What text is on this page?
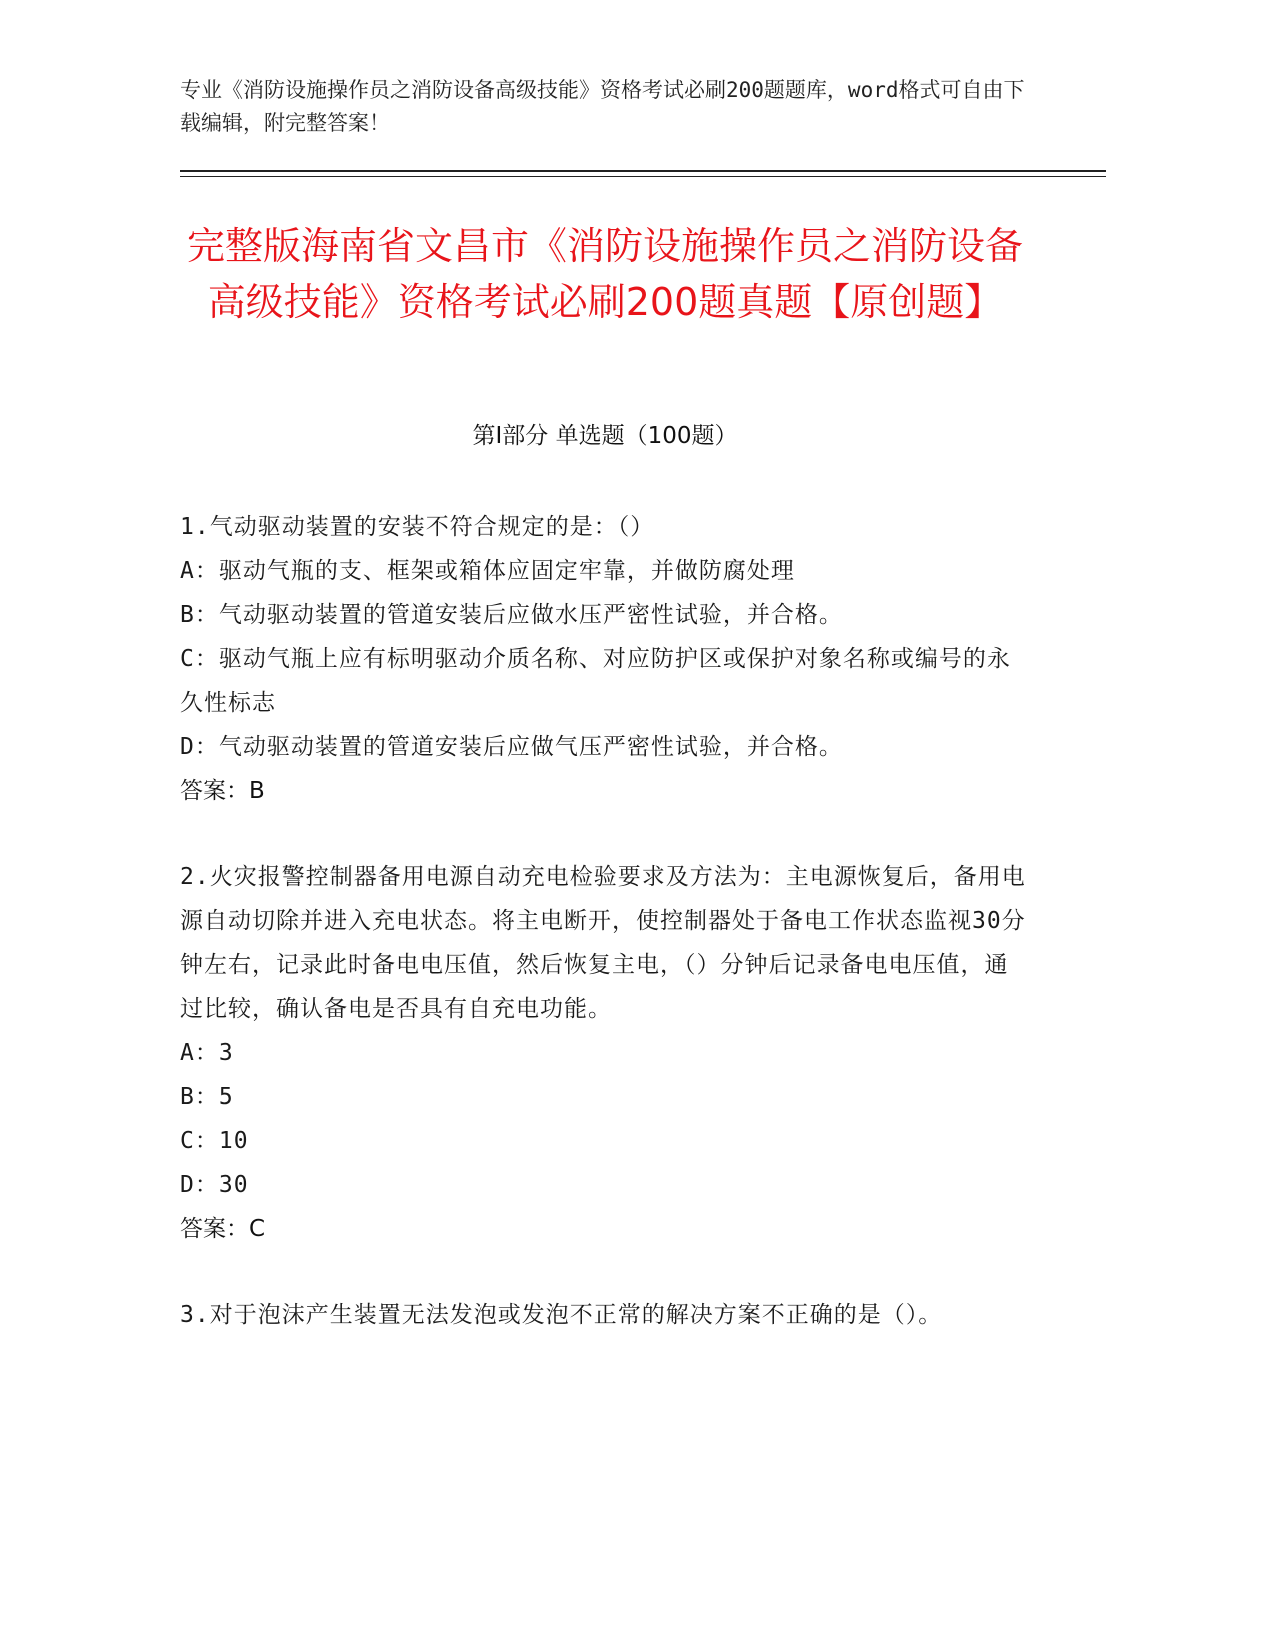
专业《消防设施操作员之消防设备高级技能》资格考试必刷200题题库，word格式可自由下载编辑，附完整答案！
完整版海南省文昌市《消防设施操作员之消防设备高级技能》资格考试必刷200题真题【原创题】
第I部分 单选题（100题）
1.气动驱动装置的安装不符合规定的是：（）
A：驱动气瓶的支、框架或箱体应固定牢靠，并做防腐处理
B：气动驱动装置的管道安装后应做水压严密性试验，并合格。
C：驱动气瓶上应有标明驱动介质名称、对应防护区或保护对象名称或编号的永久性标志
D：气动驱动装置的管道安装后应做气压严密性试验，并合格。
答案：B
2.火灾报警控制器备用电源自动充电检验要求及方法为：主电源恢复后，备用电源自动切除并进入充电状态。将主电断开，使控制器处于备电工作状态监视30分钟左右，记录此时备电电压值，然后恢复主电，（）分钟后记录备电电压值，通过比较，确认备电是否具有自充电功能。
A：3
B：5
C：10
D：30
答案：C
3.对于泡沫产生装置无法发泡或发泡不正常的解决方案不正确的是（）。
